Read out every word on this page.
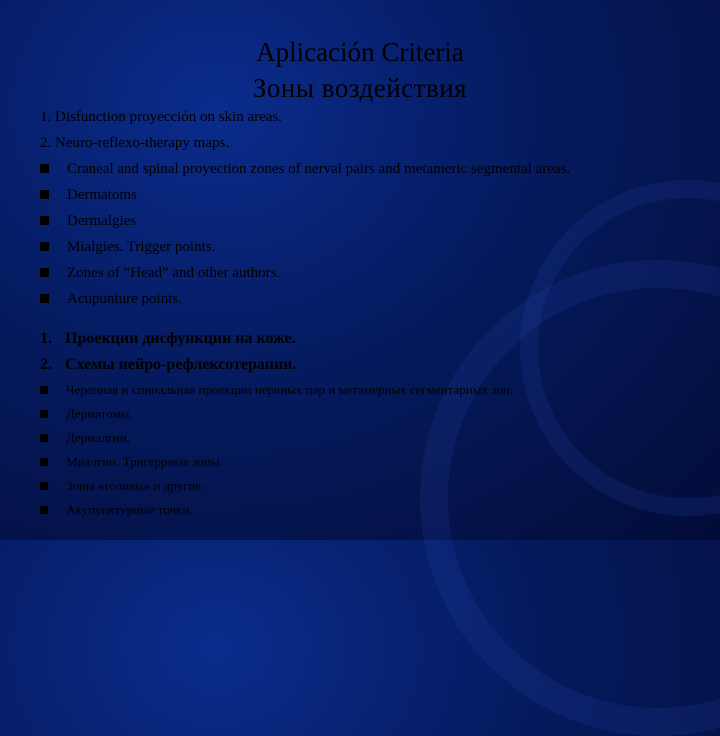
Aplicación Criteria
Зоны воздействия
1. Disfunction proyección on skin areas.
2. Neuro-reflexo-therapy maps.
Craneal and spinal proyection zones of nerval pairs and metameric segmental areas.
Dermatoms
Dermalgies
Mialgies. Trigger points.
Zones of “Head” and other authors.
Acupunture points.
1. Проекции дисфункции на коже.
2. Схемы нейро-рефлексотерапии.
Черепная и спинальная проекции нервных пар и метамерных сегментарных зон.
Дерматомы.
Дермалгии.
Миалгии. Тригеррные зоны.
Зоны «головы» и другие.
Акупунктурные точки.
